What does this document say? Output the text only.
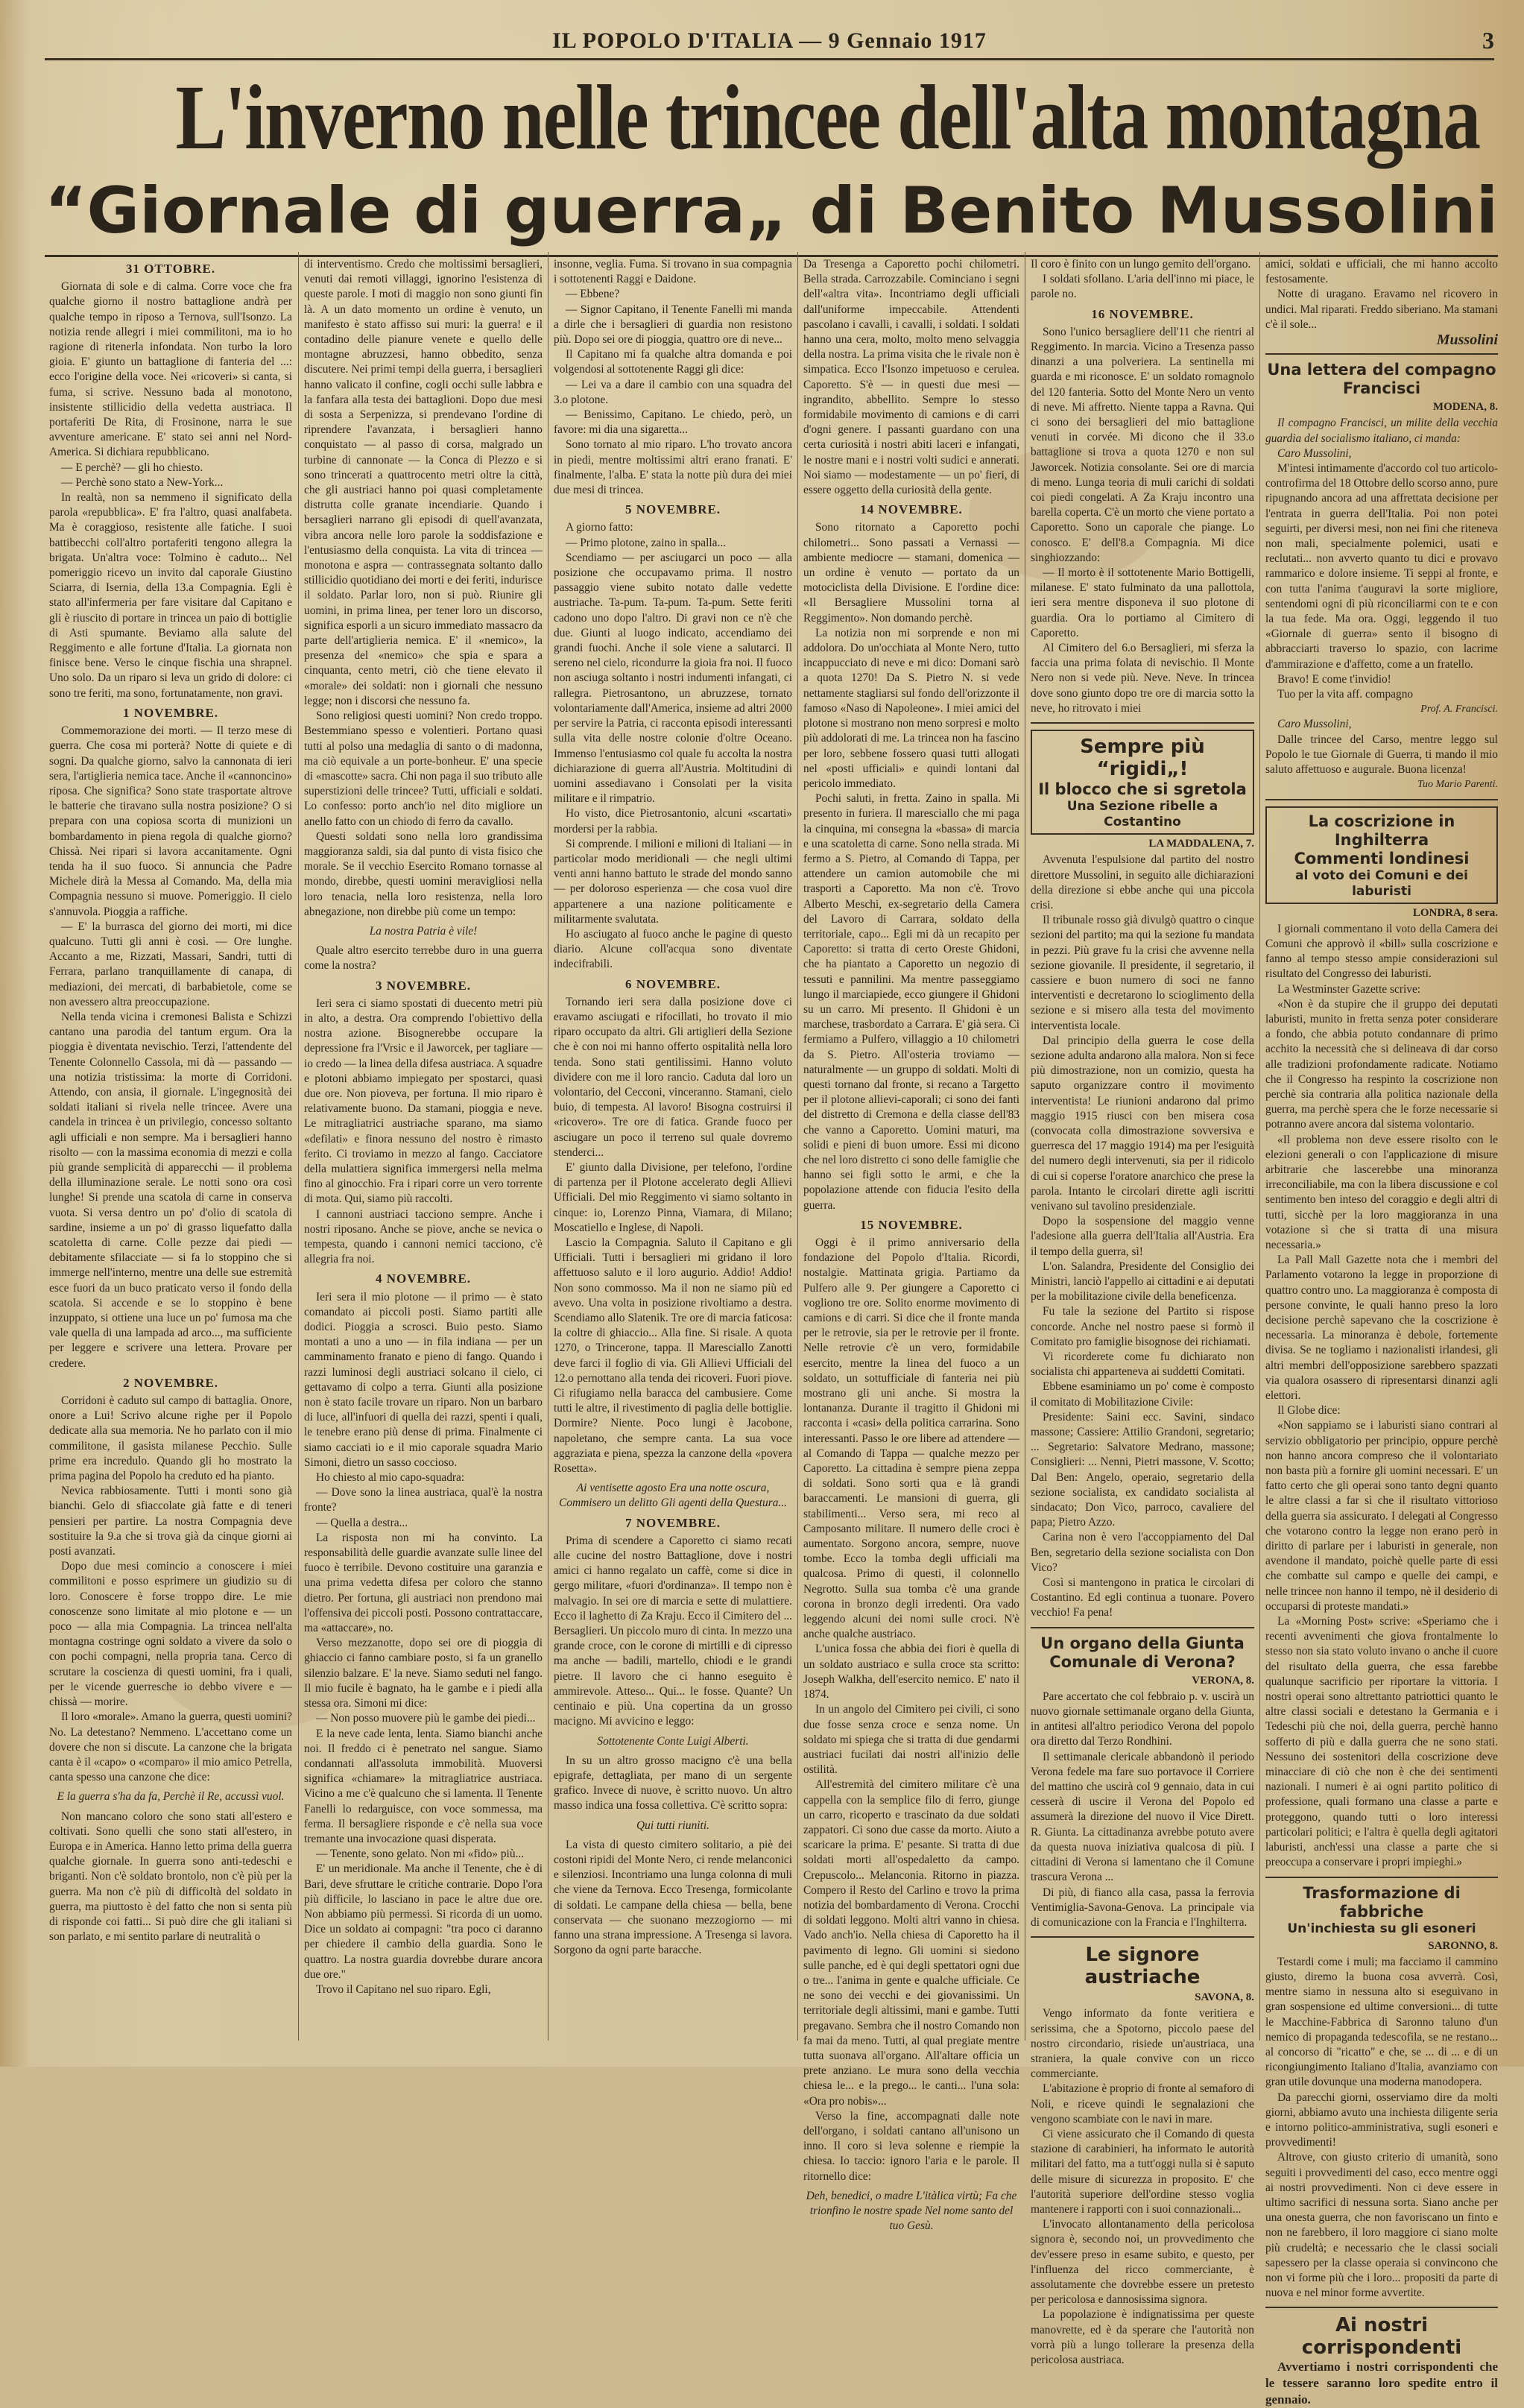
IL POPOLO D'ITALIA — 9 Gennaio 1917	3
L'inverno nelle trincee dell'alta montagna
“Giornale di guerra„ di Benito Mussolini
31 OTTOBRE.

Giornata di sole e di calma. Corre voce che fra qualche giorno il nostro battaglione andrà per qualche tempo in riposo a Ternova, sull'Isonzo. La notizia rende allegri i miei commilitoni, ma io ho ragione di ritenerla infondata. Non turbo la loro gioia. E' giunto un battaglione di fanteria del ...: ecco l'origine della voce. Nei «ricoveri» si canta, si fuma, si scrive. Nessuno bada al monotono, insistente stillicidio della vedetta austriaca. Il portaferiti De Rita, di Frosinone, narra le sue avventure americane. E' stato sei anni nel Nord-America. Si dichiara repubblicano.

— E perchè? — gli ho chiesto.

— Perchè sono stato a New-York...

In realtà, non sa nemmeno il significato della parola «repubblica». E' fra l'altro, quasi analfabeta. Ma è coraggioso, resistente alle fatiche. I suoi battibecchi coll'altro portaferiti tengono allegra la brigata. Un'altra voce: Tolmino è caduto... Nel pomeriggio ricevo un invito dal caporale Giustino Sciarra, di Isernia, della 13.a Compagnia. Egli è stato all'infermeria per fare visitare dal Capitano e gli è riuscito di portare in trincea un paio di bottiglie di Asti spumante. Beviamo alla salute del Reggimento e alle fortune d'Italia. La giornata non finisce bene. Verso le cinque fischia una shrapnel. Uno solo. Da un riparo si leva un grido di dolore: ci sono tre feriti, ma sono, fortunatamente, non gravi.

1 NOVEMBRE.

Commemorazione dei morti. — Il terzo mese di guerra. Che cosa mi porterà? Notte di quiete e di sogni. Da qualche giorno, salvo la cannonata di ieri sera, l'artiglieria nemica tace. Anche il «cannoncino» riposa. Che significa? Sono state trasportate altrove le batterie che tiravano sulla nostra posizione? O si prepara con una copiosa scorta di munizioni un bombardamento in piena regola di qualche giorno? Chissà. Nei ripari si lavora accanitamente. Ogni tenda ha il suo fuoco. Si annuncia che Padre Michele dirà la Messa al Comando. Ma, della mia Compagnia nessuno si muove. Pomeriggio. Il cielo s'annuvola. Pioggia a raffiche.

— E' la burrasca del giorno dei morti, mi dice qualcuno. Tutti gli anni è così. — Ore lunghe. Accanto a me, Rizzati, Massari, Sandri, tutti di Ferrara, parlano tranquillamente di canapa, di mediazioni, dei mercati, di barbabietole, come se non avessero altra preoccupazione.

Nella tenda vicina i cremonesi Balista e Schizzi cantano una parodia del tantum ergum. Ora la pioggia è diventata nevischio. Terzi, l'attendente del Tenente Colonnello Cassola, mi dà — passando — una notizia tristissima: la morte di Corridoni. Attendo, con ansia, il giornale. L'ingegnosità dei soldati italiani si rivela nelle trincee. Avere una candela in trincea è un privilegio, concesso soltanto agli ufficiali e non sempre. Ma i bersaglieri hanno risolto — con la massima economia di mezzi e colla più grande semplicità di apparecchi — il problema della illuminazione serale. Le notti sono ora così lunghe! Si prende una scatola di carne in conserva vuota. Si versa dentro un po' d'olio di scatola di sardine, insieme a un po' di grasso liquefatto dalla scatoletta di carne. Colle pezze dai piedi — debitamente sfilacciate — si fa lo stoppino che si immerge nell'interno, mentre una delle sue estremità esce fuori da un buco praticato verso il fondo della scatola. Si accende e se lo stoppino è bene inzuppato, si ottiene una luce un po' fumosa ma che vale quella di una lampada ad arco..., ma sufficiente per leggere e scrivere una lettera. Provare per credere.

2 NOVEMBRE.

Corridoni è caduto sul campo di battaglia. Onore, onore a Lui! Scrivo alcune righe per il Popolo dedicate alla sua memoria. Ne ho parlato con il mio commilitone, il gasista milanese Pecchio. Sulle prime era incredulo. Quando gli ho mostrato la prima pagina del Popolo ha creduto ed ha pianto.

Nevica rabbiosamente. Tutti i monti sono già bianchi. Gelo di sfiaccolate già fatte e di teneri pensieri per partire. La nostra Compagnia deve sostituire la 9.a che si trova già da cinque giorni ai posti avanzati.

Dopo due mesi comincio a conoscere i miei commilitoni e posso esprimere un giudizio su di loro. Conoscere è forse troppo dire. Le mie conoscenze sono limitate al mio plotone e — un poco — alla mia Compagnia. La trincea nell'alta montagna costringe ogni soldato a vivere da solo o con pochi compagni, nella propria tana. Cerco di scrutare la coscienza di questi uomini, fra i quali, per le vicende guerresche io debbo vivere e — chissà — morire.

Il loro «morale». Amano la guerra, questi uomini? No. La detestano? Nemmeno. L'accettano come un dovere che non si discute. La canzone che la brigata canta è il «capo» o «comparo» il mio amico Petrella, canta spesso una canzone che dice:

E la guerra s'ha da fa, Perchè il Re, accussì vuol.

Non mancano coloro che sono stati all'estero e coltivati. Sono quelli che sono stati all'estero, in Europa e in America. Hanno letto prima della guerra qualche giornale. In guerra sono anti-tedeschi e briganti. Non c'è soldato brontolo, non c'è più per la guerra. Ma non c'è più di difficoltà del soldato in guerra, ma piuttosto è del fatto che non si senta più di risponde coi fatti... Si può dire che gli italiani si son parlato, e mi sentito parlare di neutralità o

di interventismo. Credo che moltissimi bersaglieri, venuti dai remoti villaggi, ignorino l'esistenza di queste parole. I moti di maggio non sono giunti fin là. A un dato momento un ordine è venuto, un manifesto è stato affisso sui muri: la guerra! e il contadino delle pianure venete e quello delle montagne abruzzesi, hanno obbedito, senza discutere. Nei primi tempi della guerra, i bersaglieri hanno valicato il confine, cogli occhi sulle labbra e la fanfara alla testa dei battaglioni. Dopo due mesi di sosta a Serpenizza, si prendevano l'ordine di riprendere l'avanzata, i bersaglieri hanno conquistato — al passo di corsa, malgrado un turbine di cannonate — la Conca di Plezzo e si sono trincerati a quattrocento metri oltre la città, che gli austriaci hanno poi quasi completamente distrutta colle granate incendiarie. Quando i bersaglieri narrano gli episodi di quell'avanzata, vibra ancora nelle loro parole la soddisfazione e l'entusiasmo della conquista. La vita di trincea — monotona e aspra — contrassegnata soltanto dallo stillicidio quotidiano dei morti e dei feriti, indurisce il soldato. Parlar loro, non si può. Riunire gli uomini, in prima linea, per tener loro un discorso, significa esporli a un sicuro immediato massacro da parte dell'artiglieria nemica. E' il «nemico», la presenza del «nemico» che spia e spara a cinquanta, cento metri, ciò che tiene elevato il «morale» dei soldati: non i giornali che nessuno legge; non i discorsi che nessuno fa.

Sono religiosi questi uomini? Non credo troppo. Bestemmiano spesso e volentieri. Portano quasi tutti al polso una medaglia di santo o di madonna, ma ciò equivale a un porte-bonheur. E' una specie di «mascotte» sacra. Chi non paga il suo tributo alle superstizioni delle trincee? Tutti, ufficiali e soldati. Lo confesso: porto anch'io nel dito migliore un anello fatto con un chiodo di ferro da cavallo.

Questi soldati sono nella loro grandissima maggioranza saldi, sia dal punto di vista fisico che morale. Se il vecchio Esercito Romano tornasse al mondo, direbbe, questi uomini meravigliosi nella loro tenacia, nella loro resistenza, nella loro abnegazione, non direbbe più come un tempo:

La nostra Patria è vile!

Quale altro esercito terrebbe duro in una guerra come la nostra?

3 NOVEMBRE.

Ieri sera ci siamo spostati di duecento metri più in alto, a destra. Ora comprendo l'obiettivo della nostra azione. Bisognerebbe occupare la depressione fra l'Vrsic e il Jaworcek, per tagliare — io credo — la linea della difesa austriaca. A squadre e plotoni abbiamo impiegato per spostarci, quasi due ore. Non pioveva, per fortuna. Il mio riparo è relativamente buono. Da stamani, pioggia e neve. Le mitragliatrici austriache sparano, ma siamo «defilati» e finora nessuno del nostro è rimasto ferito. Ci troviamo in mezzo al fango. Cacciatore della mulattiera significa immergersi nella melma fino al ginocchio. Fra i ripari corre un vero torrente di mota. Qui, siamo più raccolti.

I cannoni austriaci tacciono sempre. Anche i nostri riposano. Anche se piove, anche se nevica o tempesta, quando i cannoni nemici tacciono, c'è allegria fra noi.

4 NOVEMBRE.

Ieri sera il mio plotone — il primo — è stato comandato ai piccoli posti. Siamo partiti alle dodici. Pioggia a scrosci. Buio pesto. Siamo montati a uno a uno — in fila indiana — per un camminamento franato e pieno di fango. Quando i razzi luminosi degli austriaci solcano il cielo, ci gettavamo di colpo a terra. Giunti alla posizione non è stato facile trovare un riparo. Non un barbaro di luce, all'infuori di quella dei razzi, spenti i quali, le tenebre erano più dense di prima. Finalmente ci siamo cacciati io e il mio caporale squadra Mario Simoni, dietro un sasso coccioso.

Ho chiesto al mio capo-squadra:

— Dove sono la linea austriaca, qual'è la nostra fronte?

— Quella a destra...

La risposta non mi ha convinto. La responsabilità delle guardie avanzate sulle linee del fuoco è terribile. Devono costituire una garanzia e una prima vedetta difesa per coloro che stanno dietro. Per fortuna, gli austriaci non prendono mai l'offensiva dei piccoli posti. Possono contrattaccare, ma «attaccare», no.

Verso mezzanotte, dopo sei ore di pioggia di ghiaccio ci fanno cambiare posto, si fa un granello silenzio balzare. E' la neve. Siamo seduti nel fango. Il mio fucile è bagnato, ha le gambe e i piedi alla stessa ora. Simoni mi dice:

— Non posso muovere più le gambe dei piedi...

E la neve cade lenta, lenta. Siamo bianchi anche noi. Il freddo ci è penetrato nel sangue. Siamo condannati all'assoluta immobilità. Muoversi significa «chiamare» la mitragliatrice austriaca. Vicino a me c'è qualcuno che si lamenta. Il Tenente Fanelli lo redarguisce, con voce sommessa, ma ferma. Il bersagliere risponde e c'è nella sua voce tremante una invocazione quasi disperata.

— Tenente, sono gelato. Non mi «fido» più...

E' un meridionale. Ma anche il Tenente, che è di Bari, deve sfruttare le critiche contrarie. Dopo l'ora più difficile, lo lasciano in pace le altre due ore. Non abbiamo più permessi. Si ricorda di un uomo. Dice un soldato ai compagni: "tra poco ci daranno per chiedere il cambio della guardia. Sono le quattro. La nostra guardia dovrebbe durare ancora due ore."

Trovo il Capitano nel suo riparo. Egli,

insonne, veglia. Fuma. Si trovano in sua compagnia i sottotenenti Raggi e Daidone.

— Ebbene?

— Signor Capitano, il Tenente Fanelli mi manda a dirle che i bersaglieri di guardia non resistono più. Dopo sei ore di pioggia, quattro ore di neve...

Il Capitano mi fa qualche altra domanda e poi volgendosi al sottotenente Raggi gli dice:

— Lei va a dare il cambio con una squadra del 3.o plotone.

— Benissimo, Capitano. Le chiedo, però, un favore: mi dia una sigaretta...

Sono tornato al mio riparo. L'ho trovato ancora in piedi, mentre moltissimi altri erano franati. E' finalmente, l'alba. E' stata la notte più dura dei miei due mesi di trincea.

5 NOVEMBRE.

A giorno fatto:

— Primo plotone, zaino in spalla...

Scendiamo — per asciugarci un poco — alla posizione che occupavamo prima. Il nostro passaggio viene subito notato dalle vedette austriache. Ta-pum. Ta-pum. Ta-pum. Sette feriti cadono uno dopo l'altro. Di gravi non ce n'è che due. Giunti al luogo indicato, accendiamo dei grandi fuochi. Anche il sole viene a salutarci. Il sereno nel cielo, ricondurre la gioia fra noi. Il fuoco non asciuga soltanto i nostri indumenti infangati, ci rallegra. Pietrosantono, un abruzzese, tornato volontariamente dall'America, insieme ad altri 2000 per servire la Patria, ci racconta episodi interessanti sulla vita delle nostre colonie d'oltre Oceano. Immenso l'entusiasmo col quale fu accolta la nostra dichiarazione di guerra all'Austria. Moltitudini di uomini assediavano i Consolati per la visita militare e il rimpatrio.

Ho visto, dice Pietrosantonio, alcuni «scartati» mordersi per la rabbia.

Si comprende. I milioni e milioni di Italiani — in particolar modo meridionali — che negli ultimi venti anni hanno battuto le strade del mondo sanno — per doloroso esperienza — che cosa vuol dire appartenere a una nazione politicamente e militarmente svalutata.

Ho asciugato al fuoco anche le pagine di questo diario. Alcune coll'acqua sono diventate indecifrabili.

6 NOVEMBRE.

Tornando ieri sera dalla posizione dove ci eravamo asciugati e rifocillati, ho trovato il mio riparo occupato da altri. Gli artiglieri della Sezione che è con noi mi hanno offerto ospitalità nella loro tenda. Sono stati gentilissimi. Hanno voluto dividere con me il loro rancio. Caduta dal loro un volontario, del Cecconi, vinceranno. Stamani, cielo buio, di tempesta. Al lavoro! Bisogna costruirsi il «ricovero». Tre ore di fatica. Grande fuoco per asciugare un poco il terreno sul quale dovremo stenderci...

E' giunto dalla Divisione, per telefono, l'ordine di partenza per il Plotone accelerato degli Allievi Ufficiali. Del mio Reggimento vi siamo soltanto in cinque: io, Lorenzo Pinna, Viamara, di Milano; Moscatiello e Inglese, di Napoli.

Lascio la Compagnia. Saluto il Capitano e gli Ufficiali. Tutti i bersaglieri mi gridano il loro affettuoso saluto e il loro augurio. Addio! Addio! Non sono commosso. Ma il non ne siamo più ed avevo. Una volta in posizione rivoltiamo a destra. Scendiamo allo Slatenik. Tre ore di marcia faticosa: la coltre di ghiaccio... Alla fine. Si risale. A quota 1270, o Trincerone, tappa. Il Maresciallo Zanotti deve farci il foglio di via. Gli Allievi Ufficiali del 12.o pernottano alla tenda dei ricoveri. Fuori piove. Ci rifugiamo nella baracca del cambusiere. Come tutti le altre, il rivestimento di paglia delle bottiglie. Dormire? Niente. Poco lungi è Jacobone, napoletano, che sempre canta. La sua voce aggraziata e piena, spezza la canzone della «povera Rosetta».

Ai ventisette agosto Era una notte oscura, Commisero un delitto Gli agenti della Questura...
7 NOVEMBRE.

Prima di scendere a Caporetto ci siamo recati alle cucine del nostro Battaglione, dove i nostri amici ci hanno regalato un caffè, come si dice in gergo militare, «fuori d'ordinanza». Il tempo non è malvagio. In sei ore di marcia e sette di mulattiere. Ecco il laghetto di Za Kraju. Ecco il Cimitero del ... Bersaglieri. Un piccolo muro di cinta. In mezzo una grande croce, con le corone di mirtilli e di cipresso ma anche — badili, martello, chiodi e le grandi pietre. Il lavoro che ci hanno eseguito è ammirevole. Atteso... Qui... le fosse. Quante? Un centinaio e più. Una copertina da un grosso macigno. Mi avvicino e leggo:

Sottotenente Conte Luigi Alberti.

In su un altro grosso macigno c'è una bella epigrafe, dettagliata, per mano di un sergente grafico. Invece di nuove, è scritto nuovo. Un altro masso indica una fossa collettiva. C'è scritto sopra:

Qui tutti riuniti.

La vista di questo cimitero solitario, a piè dei costoni ripidi del Monte Nero, ci rende melanconici e silenziosi. Incontriamo una lunga colonna di muli che viene da Ternova. Ecco Tresenga, formicolante di soldati. Le campane della chiesa — bella, bene conservata — che suonano mezzogiorno — mi fanno una strana impressione. A Tresenga si lavora. Sorgono da ogni parte baracche.

Da Tresenga a Caporetto pochi chilometri. Bella strada. Carrozzabile. Cominciano i segni dell'«altra vita». Incontriamo degli ufficiali dall'uniforme impeccabile. Attendenti pascolano i cavalli, i cavalli, i soldati. I soldati hanno una cera, molto, molto meno selvaggia della nostra. La prima visita che le rivale non è simpatica. Ecco l'Isonzo impetuoso e cerulea. Caporetto. S'è — in questi due mesi — ingrandito, abbellito. Sempre lo stesso formidabile movimento di camions e di carri d'ogni genere. I passanti guardano con una certa curiosità i nostri abiti laceri e infangati, le nostre mani e i nostri volti sudici e annerati. Noi siamo — modestamente — un po' fieri, di essere oggetto della curiosità della gente.

14 NOVEMBRE.

Sono ritornato a Caporetto pochi chilometri... Sono passati a Vernassi — ambiente mediocre — stamani, domenica — un ordine è venuto — portato da un motociclista della Divisione. E l'ordine dice: «Il Bersagliere Mussolini torna al Reggimento». Non domando perchè.

La notizia non mi sorprende e non mi addolora. Do un'occhiata al Monte Nero, tutto incappucciato di neve e mi dico: Domani sarò a quota 1270! Da S. Pietro N. si vede nettamente stagliarsi sul fondo dell'orizzonte il famoso «Naso di Napoleone». I miei amici del plotone si mostrano non meno sorpresi e molto più addolorati di me. La trincea non ha fascino per loro, sebbene fossero quasi tutti allogati nel «posti ufficiali» e quindi lontani dal pericolo immediato.

Pochi saluti, in fretta. Zaino in spalla. Mi presento in furiera. Il maresciallo che mi paga la cinquina, mi consegna la «bassa» di marcia e una scatoletta di carne. Sono nella strada. Mi fermo a S. Pietro, al Comando di Tappa, per attendere un camion automobile che mi trasporti a Caporetto. Ma non c'è. Trovo Alberto Meschi, ex-segretario della Camera del Lavoro di Carrara, soldato della territoriale, capo... Egli mi dà un recapito per Caporetto: si tratta di certo Oreste Ghidoni, che ha piantato a Caporetto un negozio di tessuti e pannilini. Ma mentre passeggiamo lungo il marciapiede, ecco giungere il Ghidoni su un carro. Mi presento. Il Ghidoni è un marchese, trasbordato a Carrara. E' già sera. Ci fermiamo a Pulfero, villaggio a 10 chilometri da S. Pietro. All'osteria troviamo — naturalmente — un gruppo di soldati. Molti di questi tornano dal fronte, si recano a Targetto per il plotone allievi-caporali; ci sono dei fanti del distretto di Cremona e della classe dell'83 che vanno a Caporetto. Uomini maturi, ma solidi e pieni di buon umore. Essi mi dicono che nel loro distretto ci sono delle famiglie che hanno sei figli sotto le armi, e che la popolazione attende con fiducia l'esito della guerra.

15 NOVEMBRE.

Oggi è il primo anniversario della fondazione del Popolo d'Italia. Ricordi, nostalgie. Mattinata grigia. Partiamo da Pulfero alle 9. Per giungere a Caporetto ci vogliono tre ore. Solito enorme movimento di camions e di carri. Si dice che il fronte manda per le retrovie, sia per le retrovie per il fronte. Nelle retrovie c'è un vero, formidabile esercito, mentre la linea del fuoco a un soldato, un sottufficiale di fanteria nei più mostrano gli uni anche. Si mostra la lontananza. Durante il tragitto il Ghidoni mi racconta i «casi» della politica carrarina. Sono interessanti. Passo le ore libere ad attendere — al Comando di Tappa — qualche mezzo per Caporetto. La cittadina è sempre piena zeppa di soldati. Sono sorti qua e là grandi baraccamenti. Le mansioni di guerra, gli stabilimenti... Verso sera, mi reco al Camposanto militare. Il numero delle croci è aumentato. Sorgono ancora, sempre, nuove tombe. Ecco la tomba degli ufficiali ma qualcosa. Primo di questi, il colonnello Negrotto. Sulla sua tomba c'è una grande corona in bronzo degli irredenti. Ora vado leggendo alcuni dei nomi sulle croci. N'è anche qualche austriaco.

L'unica fossa che abbia dei fiori è quella di un soldato austriaco e sulla croce sta scritto: Joseph Walkha, dell'esercito nemico. E' nato il 1874.

In un angolo del Cimitero pei civili, ci sono due fosse senza croce e senza nome. Un soldato mi spiega che si tratta di due gendarmi austriaci fucilati dai nostri all'inizio delle ostilità.

All'estremità del cimitero militare c'è una cappella con la semplice filo di ferro, giunge un carro, ricoperto e trascinato da due soldati zappatori. Ci sono due casse da morto. Aiuto a scaricare la prima. E' pesante. Si tratta di due soldati morti all'ospedaletto da campo. Crepuscolo... Melanconia. Ritorno in piazza. Compero il Resto del Carlino e trovo la prima notizia del bombardamento di Verona. Crocchi di soldati leggono. Molti altri vanno in chiesa. Vado anch'io. Nella chiesa di Caporetto ha il pavimento di legno. Gli uomini si siedono sulle panche, ed è qui degli spettatori ogni due o tre... l'anima in gente e qualche ufficiale. Ce ne sono dei vecchi e dei giovanissimi. Un territoriale degli altissimi, mani e gambe. Tutti pregavano. Sembra che il nostro Comando non fa mai da meno. Tutti, al qual pregiate mentre tutta suonava all'organo. All'altare officia un prete anziano. Le mura sono della vecchia chiesa le... e la prego... le canti... l'una sola: «Ora pro nobis»...

Verso la fine, accompagnati dalle note dell'organo, i soldati cantano all'unisono un inno. Il coro si leva solenne e riempie la chiesa. Io taccio: ignoro l'aria e le parole. Il ritornello dice:

Deh, benedici, o madre L'itàlica virtù; Fa che trionfino le nostre spade Nel nome santo del tuo Gesù.

Il coro è finito con un lungo gemito dell'organo.

I soldati sfollano. L'aria dell'inno mi piace, le parole no.

16 NOVEMBRE.

Sono l'unico bersagliere dell'11 che rientri al Reggimento. In marcia. Vicino a Tresenza passo dinanzi a una polveriera. La sentinella mi guarda e mi riconosce. E' un soldato romagnolo del 120 fanteria. Sotto del Monte Nero un vento di neve. Mi affretto. Niente tappa a Ravna. Qui ci sono dei bersaglieri del mio battaglione venuti in corvée. Mi dicono che il 33.o battaglione si trova a quota 1270 e non sul Jaworcek. Notizia consolante. Sei ore di marcia di meno. Lunga teoria di muli carichi di soldati coi piedi congelati. A Za Kraju incontro una barella coperta. C'è un morto che viene portato a Caporetto. Sono un caporale che piange. Lo conosco. E' dell'8.a Compagnia. Mi dice singhiozzando:

— Il morto è il sottotenente Mario Bottigelli, milanese. E' stato fulminato da una pallottola, ieri sera mentre disponeva il suo plotone di guardia. Ora lo portiamo al Cimitero di Caporetto.

Al Cimitero del 6.o Bersaglieri, mi sferza la faccia una prima folata di nevischio. Il Monte Nero non si vede più. Neve. Neve. In trincea dove sono giunto dopo tre ore di marcia sotto la neve, ho ritrovato i miei

Sempre più “rigidi„!
Il blocco che si sgretola
Una Sezione ribelle a Costantino
LA MADDALENA, 7.

Avvenuta l'espulsione dal partito del nostro direttore Mussolini, in seguito alle dichiarazioni della direzione si ebbe anche qui una piccola crisi.

Il tribunale rosso già divulgò quattro o cinque sezioni del partito; ma qui la sezione fu mandata in pezzi. Più grave fu la crisi che avvenne nella sezione giovanile. Il presidente, il segretario, il cassiere e buon numero di soci ne fanno interventisti e decretarono lo scioglimento della sezione e si misero alla testa del movimento interventista locale.

Dal principio della guerra le cose della sezione adulta andarono alla malora. Non si fece più dimostrazione, non un comizio, questa ha saputo organizzare contro il movimento interventista! Le riunioni andarono dal primo maggio 1915 riusci con ben misera cosa (convocata colla dimostrazione sovversiva e guerresca del 17 maggio 1914) ma per l'esiguità del numero degli intervenuti, sia per il ridicolo di cui si coperse l'oratore anarchico che prese la parola. Intanto le circolari dirette agli iscritti venivano sul tavolino presidenziale.

Dopo la sospensione del maggio venne l'adesione alla guerra dell'Italia all'Austria. Era il tempo della guerra, sì!

L'on. Salandra, Presidente del Consiglio dei Ministri, lanciò l'appello ai cittadini e ai deputati per la mobilitazione civile della beneficenza.

Fu tale la sezione del Partito si rispose concorde. Anche nel nostro paese si formò il Comitato pro famiglie bisognose dei richiamati.

Vi ricorderete come fu dichiarato non socialista chi apparteneva ai suddetti Comitati.

Ebbene esaminiamo un po' come è composto il comitato di Mobilitazione Civile:

Presidente: Saini ecc. Savini, sindaco massone; Cassiere: Attilio Grandoni, segretario; ... Segretario: Salvatore Medrano, massone; Consiglieri: ... Nenni, Pietri massone, V. Scotto; Dal Ben: Angelo, operaio, segretario della sezione socialista, ex candidato socialista al sindacato; Don Vico, parroco, cavaliere del papa; Pietro Azzo.

Carina non è vero l'accoppiamento del Dal Ben, segretario della sezione socialista con Don Vico?

Così si mantengono in pratica le circolari di Costantino. Ed egli continua a tuonare. Povero vecchio! Fa pena!

Un organo della Giunta Comunale di Verona?
VERONA, 8.

Pare accertato che col febbraio p. v. uscirà un nuovo giornale settimanale organo della Giunta, in antitesi all'altro periodico Verona del popolo ora diretto dal Terzo Rondhini.

Il settimanale clericale abbandonò il periodo Verona fedele ma fare suo portavoce il Corriere del mattino che uscirà col 9 gennaio, data in cui cesserà di uscire il Verona del Popolo ed assumerà la direzione del nuovo il Vice Dirett. R. Giunta. La cittadinanza avrebbe potuto avere da questa nuova iniziativa qualcosa di più. I cittadini di Verona si lamentano che il Comune trascura Verona ...

Di più, di fianco alla casa, passa la ferrovia Ventimiglia-Savona-Genova. La principale via di comunicazione con la Francia e l'Inghilterra.

Le signore austriache
SAVONA, 8.

Vengo informato da fonte veritiera e serissima, che a Spotorno, piccolo paese del nostro circondario, risiede un'austriaca, una straniera, la quale convive con un ricco commerciante.

L'abitazione è proprio di fronte al semaforo di Noli, e riceve quindi le segnalazioni che vengono scambiate con le navi in mare.

Ci viene assicurato che il Comando di questa stazione di carabinieri, ha informato le autorità militari del fatto, ma a tutt'oggi nulla si è saputo delle misure di sicurezza in proposito. E' che l'autorità superiore dell'ordine stesso voglia mantenere i rapporti con i suoi connazionali...

L'invocato allontanamento della pericolosa signora è, secondo noi, un provvedimento che dev'essere preso in esame subito, e questo, per l'influenza del ricco commerciante, è assolutamente che dovrebbe essere un pretesto per pericolosa e dannosissima signora.

La popolazione è indignatissima per queste manovrette, ed è da sperare che l'autorità non vorrà più a lungo tollerare la presenza della pericolosa austriaca.

amici, soldati e ufficiali, che mi hanno accolto festosamente.

Notte di uragano. Eravamo nel ricovero in undici. Mal riparati. Freddo siberiano. Ma stamani c'è il sole...

Mussolini
Una lettera del compagno Francisci
MODENA, 8.

Il compagno Francisci, un milite della vecchia guardia del socialismo italiano, ci manda:

Caro Mussolini,

M'intesi intimamente d'accordo col tuo articolo-controfirma del 18 Ottobre dello scorso anno, pure ripugnando ancora ad una affrettata decisione per l'entrata in guerra dell'Italia. Poi non potei seguirti, per diversi mesi, non nei fini che riteneva non mali, specialmente polemici, usati e reclutati... non avverto quanto tu dici e provavo rammarico e dolore insieme. Ti seppi al fronte, e con tutta l'anima t'auguravi la sorte migliore, sentendomi ogni dì più riconciliarmi con te e con la tua fede. Ma ora. Oggi, leggendo il tuo «Giornale di guerra» sento il bisogno di abbracciarti traverso lo spazio, con lacrime d'ammirazione e d'affetto, come a un fratello.

Bravo! E come t'invidio!

Tuo per la vita aff. compagno

Prof. A. Francisci.

Caro Mussolini,

Dalle trincee del Carso, mentre leggo sul Popolo le tue Giornale di Guerra, ti mando il mio saluto affettuoso e augurale. Buona licenza!

Tuo Mario Parenti.
La coscrizione in Inghilterra
Commenti londinesi
al voto dei Comuni e dei laburisti
LONDRA, 8 sera.

I giornali commentano il voto della Camera dei Comuni che approvò il «bill» sulla coscrizione e fanno al tempo stesso ampie considerazioni sul risultato del Congresso dei laburisti.

La Westminster Gazette scrive:

«Non è da stupire che il gruppo dei deputati laburisti, munito in fretta senza poter considerare a fondo, che abbia potuto condannare di primo acchito la necessità che si delineava di dar corso alle tradizioni profondamente radicate. Notiamo che il Congresso ha respinto la coscrizione non perchè sia contraria alla politica nazionale della guerra, ma perchè spera che le forze necessarie si potranno avere ancora dal sistema volontario.

«Il problema non deve essere risolto con le elezioni generali o con l'applicazione di misure arbitrarie che lascerebbe una minoranza irreconciliabile, ma con la libera discussione e col sentimento ben inteso del coraggio e degli altri di tutti, sicchè per la loro maggioranza in una votazione sì che si tratta di una misura necessaria.»

La Pall Mall Gazette nota che i membri del Parlamento votarono la legge in proporzione di quattro contro uno. La maggioranza è composta di persone convinte, le quali hanno preso la loro decisione perchè sapevano che la coscrizione è necessaria. La minoranza è debole, fortemente divisa. Se ne togliamo i nazionalisti irlandesi, gli altri membri dell'opposizione sarebbero spazzati via qualora osassero di ripresentarsi dinanzi agli elettori.

Il Globe dice:

«Non sappiamo se i laburisti siano contrari al servizio obbligatorio per principio, oppure perchè non hanno ancora compreso che il volontariato non basta più a fornire gli uomini necessari. E' un fatto certo che gli operai sono tanto degni quanto le altre classi a far sì che il risultato vittorioso della guerra sia assicurato. I delegati al Congresso che votarono contro la legge non erano però in diritto di parlare per i laburisti in generale, non avendone il mandato, poichè quelle parte di essi che combatte sul campo e quelle dei campi, e nelle trincee non hanno il tempo, nè il desiderio di occuparsi di proteste mandati.»

La «Morning Post» scrive: «Speriamo che i recenti avvenimenti che giova frontalmente lo stesso non sia stato voluto invano o anche il cuore del risultato della guerra, che essa farebbe qualunque sacrificio per riportare la vittoria. I nostri operai sono altrettanto patriottici quanto le altre classi sociali e detestano la Germania e i Tedeschi più che noi, della guerra, perchè hanno sofferto di più e dalla guerra che ne sono stati. Nessuno dei sostenitori della coscrizione deve minacciare di ciò che non è che dei sentimenti nazionali. I numeri è ai ogni partito politico di professione, quali formano una classe a parte e proteggono, quando tutti o loro interessi particolari politici; e l'altra è quella degli agitatori laburisti, anch'essi una classe a parte che si preoccupa a conservare i propri impieghi.»

Trasformazione di fabbriche
Un'inchiesta su gli esoneri
SARONNO, 8.

Testardi come i muli; ma facciamo il cammino giusto, diremo la buona cosa avverrà. Così, mentre siamo in nessuna alto si eseguivano in gran sospensione ed ultime conversioni... di tutte le Macchine-Fabbrica di Saronno taluno d'un nemico di propaganda tedescofila, se ne restano... al concorso di "ricatto" e che, se ... di ... e di un ricongiungimento Italiano d'Italia, avanziamo con gran utile dovunque una moderna manodopera.

Da parecchi giorni, osserviamo dire da molti giorni, abbiamo avuto una inchiesta diligente seria e intorno politico-amministrativa, sugli esoneri e provvedimenti!

Altrove, con giusto criterio di umanità, sono seguiti i provvedimenti del caso, ecco mentre oggi ai nostri provvedimenti. Non ci deve essere in ultimo sacrifici di nessuna sorta. Siano anche per una onesta guerra, che non favoriscano un finto e non ne farebbero, il loro maggiore ci siano molte più crudeltà; e necessario che le classi sociali sapessero per la classe operaia si convincono che non vi forme più che i loro... propositi da parte di nuova e nel minor forme avvertite.

Ai nostri corrispondenti

Avvertiamo i nostri corrispondenti che le tessere saranno loro spedite entro il gennaio.
